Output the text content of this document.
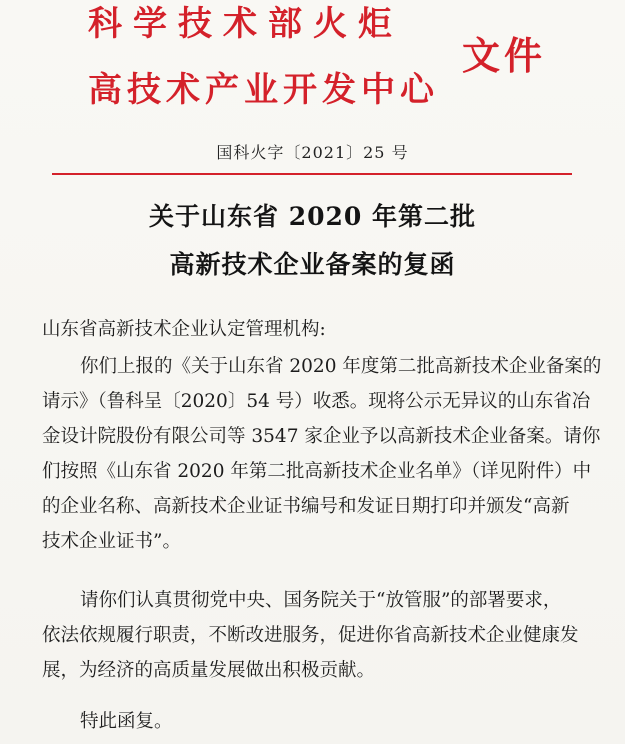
科学技术部火炬
高技术产业开发中心
文件
国科火字〔2021〕25 号
关于山东省 2020 年第二批
高新技术企业备案的复函
山东省高新技术企业认定管理机构:
你们上报的《关于山东省 2020 年度第二批高新技术企业备案的
请示》（鲁科呈〔2020〕54 号）收悉。现将公示无异议的山东省冶
金设计院股份有限公司等 3547 家企业予以高新技术企业备案。请你
们按照《山东省 2020 年第二批高新技术企业名单》（详见附件）中
的企业名称、高新技术企业证书编号和发证日期打印并颁发“高新
技术企业证书”。
请你们认真贯彻党中央、国务院关于“放管服”的部署要求，
依法依规履行职责，不断改进服务，促进你省高新技术企业健康发
展，为经济的高质量发展做出积极贡献。
特此函复。
